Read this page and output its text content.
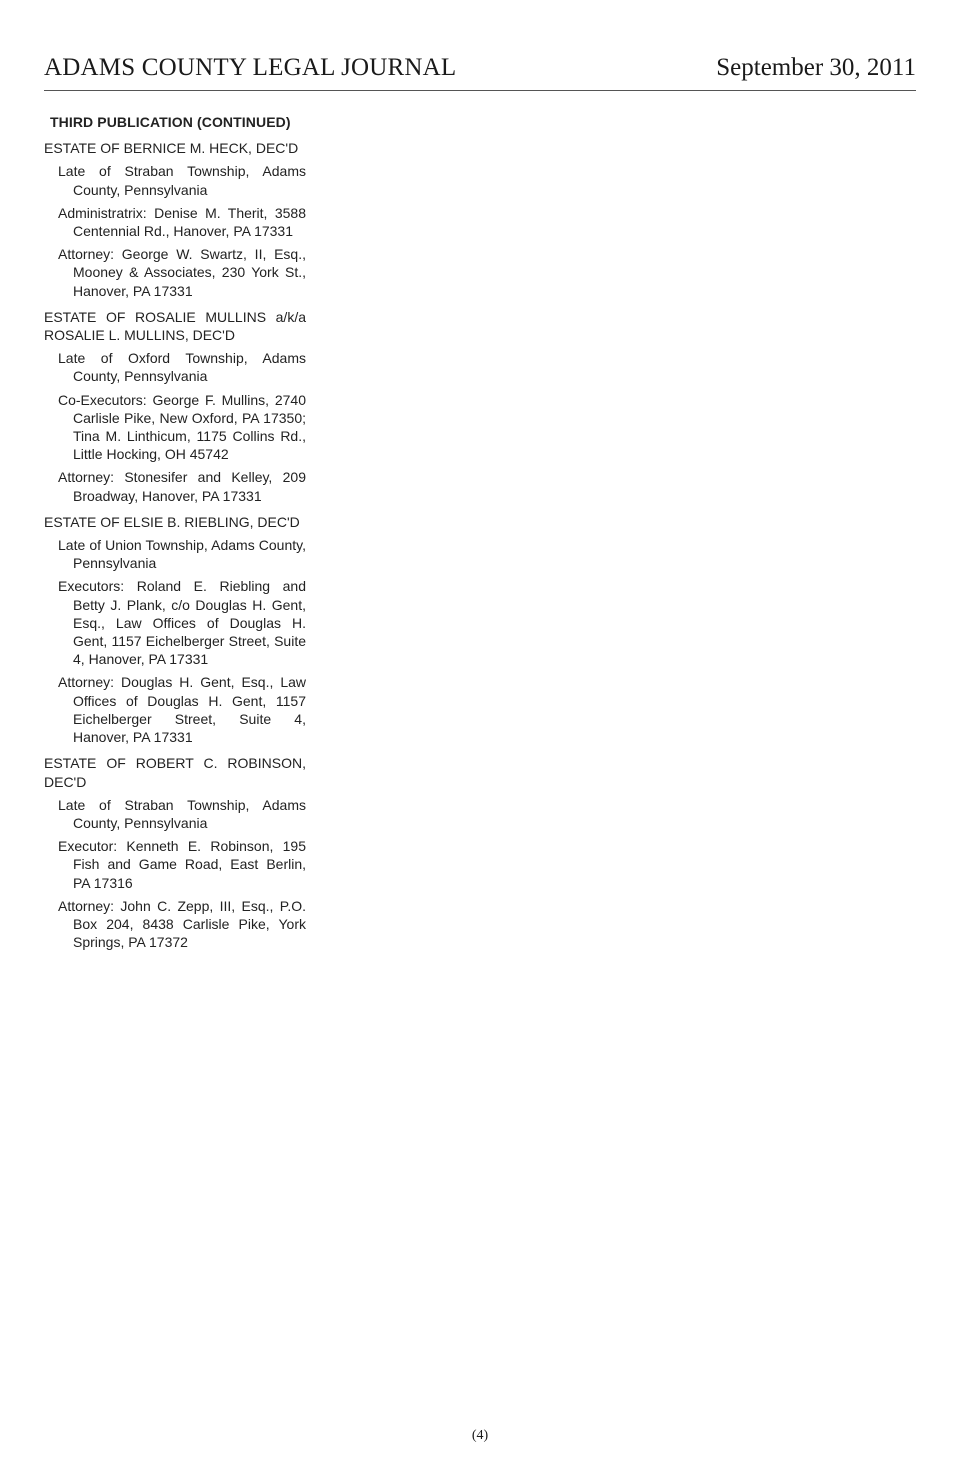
ADAMS COUNTY LEGAL JOURNAL	September 30, 2011
THIRD PUBLICATION (CONTINUED)
ESTATE OF BERNICE M. HECK, DEC'D
Late of Straban Township, Adams County, Pennsylvania
Administratrix: Denise M. Therit, 3588 Centennial Rd., Hanover, PA 17331
Attorney: George W. Swartz, II, Esq., Mooney & Associates, 230 York St., Hanover, PA 17331
ESTATE OF ROSALIE MULLINS a/k/a ROSALIE L. MULLINS, DEC'D
Late of Oxford Township, Adams County, Pennsylvania
Co-Executors: George F. Mullins, 2740 Carlisle Pike, New Oxford, PA 17350; Tina M. Linthicum, 1175 Collins Rd., Little Hocking, OH 45742
Attorney: Stonesifer and Kelley, 209 Broadway, Hanover, PA 17331
ESTATE OF ELSIE B. RIEBLING, DEC'D
Late of Union Township, Adams County, Pennsylvania
Executors: Roland E. Riebling and Betty J. Plank, c/o Douglas H. Gent, Esq., Law Offices of Douglas H. Gent, 1157 Eichelberger Street, Suite 4, Hanover, PA 17331
Attorney: Douglas H. Gent, Esq., Law Offices of Douglas H. Gent, 1157 Eichelberger Street, Suite 4, Hanover, PA 17331
ESTATE OF ROBERT C. ROBINSON, DEC'D
Late of Straban Township, Adams County, Pennsylvania
Executor: Kenneth E. Robinson, 195 Fish and Game Road, East Berlin, PA 17316
Attorney: John C. Zepp, III, Esq., P.O. Box 204, 8438 Carlisle Pike, York Springs, PA 17372
(4)
